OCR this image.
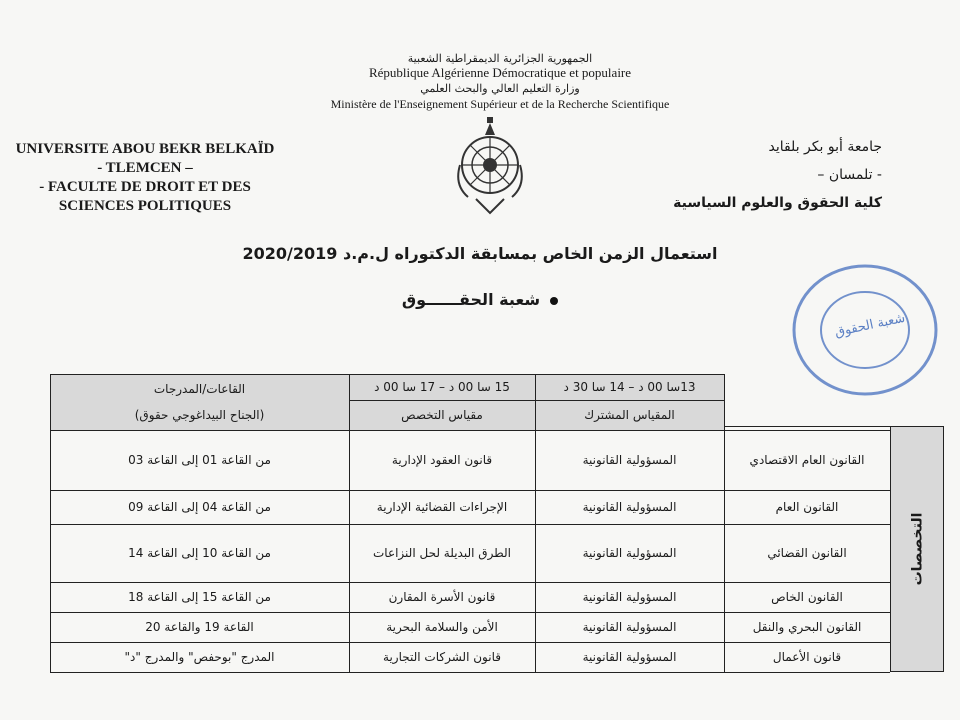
الجمهورية الجزائرية الديمقراطية الشعبية
République Algérienne Démocratique et populaire
وزارة التعليم العالي والبحث العلمي
Ministère de l'Enseignement Supérieur et de la Recherche Scientifique
UNIVERSITE ABOU BEKR BELKAÏD
- TLEMCEN –
- FACULTE DE DROIT ET DES
SCIENCES POLITIQUES
جامعة أبو بكر بلقايد
- تلمسان –
كلية الحقوق والعلوم السياسية
استعمال الزمن الخاص بمسابقة الدكتوراه ل.م.د 2020/2019
شعبة الحقــــــوق
شعبة الحقوق
13سا 00 د – 14 سا 30 د
المقياس المشترك
15 سا 00 د – 17 سا 00 د
مقياس التخصص
القاعات/المدرجات
(الجناح البيداغوجي حقوق)
التخصصات
القانون العام الاقتصادي
المسؤولية القانونية
قانون العقود الإدارية
من القاعة 01 إلى القاعة 03
القانون العام
المسؤولية القانونية
الإجراءات القضائية الإدارية
من القاعة 04 إلى القاعة 09
القانون القضائي
المسؤولية القانونية
الطرق البديلة لحل النزاعات
من القاعة 10 إلى القاعة 14
القانون الخاص
المسؤولية القانونية
قانون الأسرة المقارن
من القاعة 15 إلى القاعة 18
القانون البحري والنقل
المسؤولية القانونية
الأمن والسلامة البحرية
القاعة 19 والقاعة 20
قانون الأعمال
المسؤولية القانونية
قانون الشركات التجارية
المدرج "بوحفص" والمدرج "د"
